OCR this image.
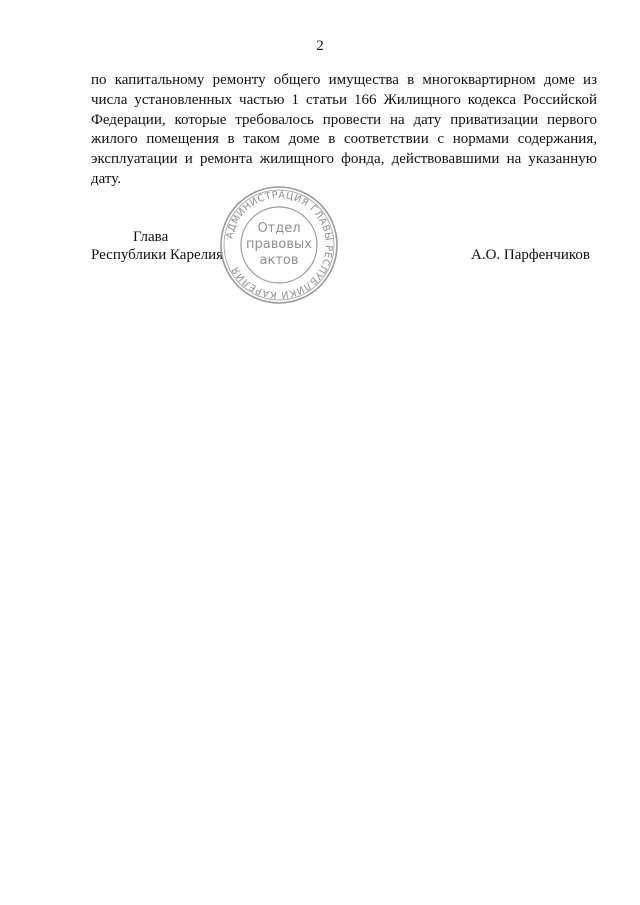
2

по капитальному ремонту общего имущества в многоквартирном доме из числа установленных частью 1 статьи 166 Жилищного кодекса Российской Федерации, которые требовалось провести на дату приватизации первого жилого помещения в таком доме в соответствии с нормами содержания, эксплуатации и ремонта жилищного фонда, действовавшими на указанную дату.

Глава
Республики Карелия	А.О. Парфенчиков
АДМИНИСТРАЦИЯ ГЛАВЫ РЕСПУБЛИКИ КАРЕЛИЯ
Отдел
правовых
актов
